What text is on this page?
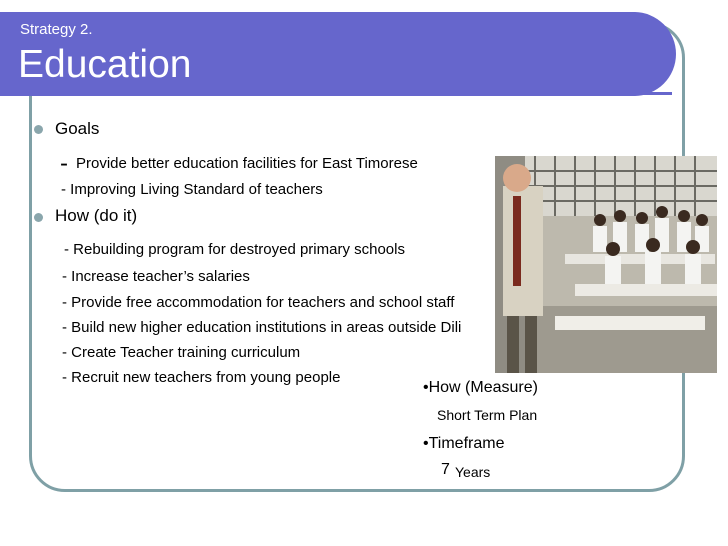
Strategy 2.
Education
Goals
- Provide better education facilities for East Timorese
- Improving Living Standard of teachers
How (do it)
- Rebuilding program for destroyed primary schools
- Increase teacher’s salaries
- Provide free accommodation for teachers and school staff
- Build new higher education institutions in areas outside Dili
- Create Teacher training curriculum
- Recruit new teachers from young people
•How (Measure)
Short Term Plan
•Timeframe
7 Years
